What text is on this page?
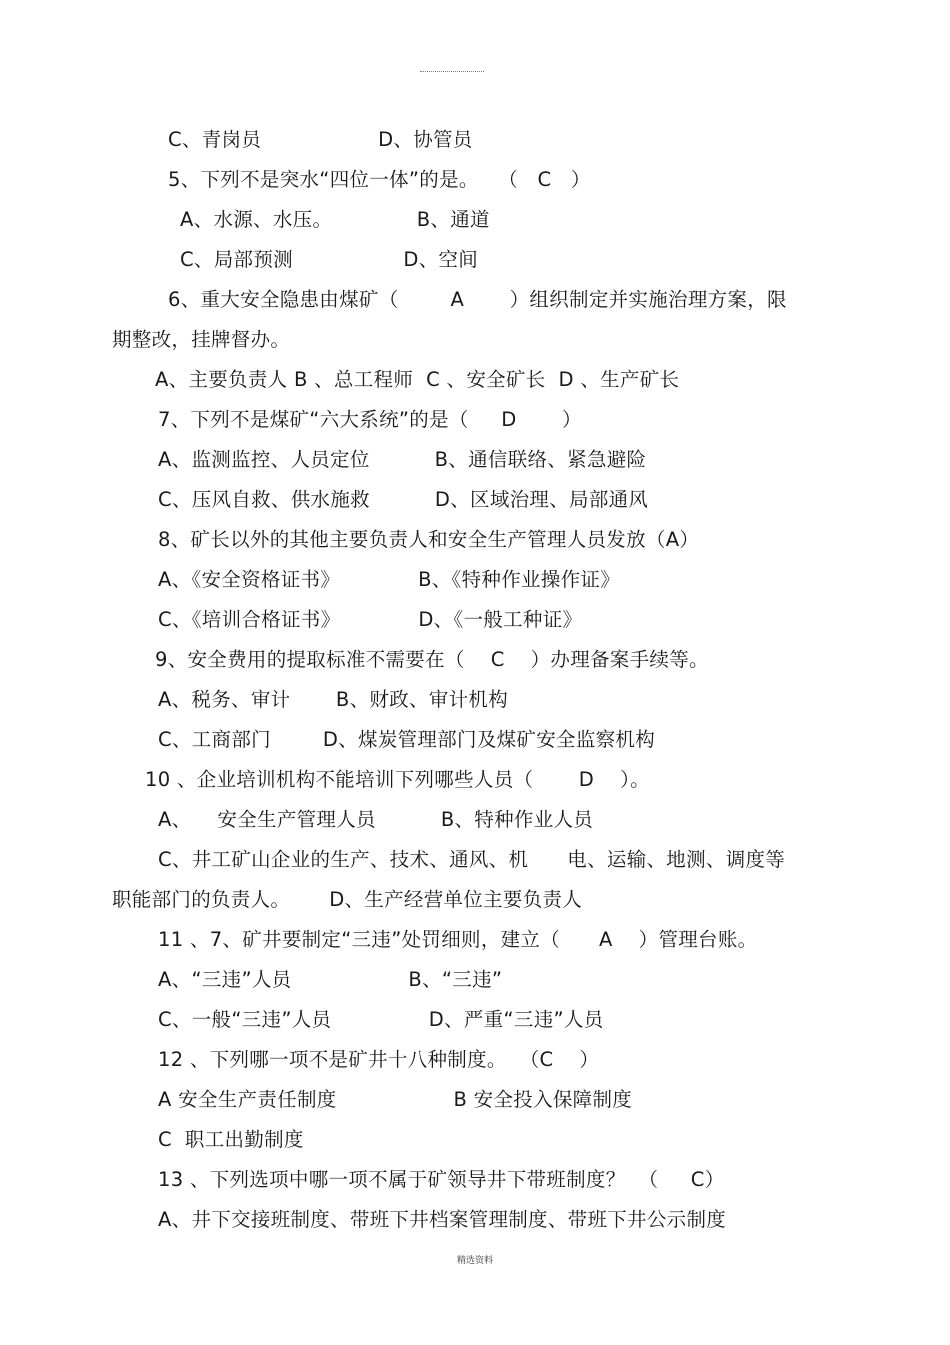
C、青岗员                  D、协管员
5、下列不是突水“四位一体”的是。   （   C   ）
A、水源、水压。             B、通道
C、局部预测                 D、空间
6、重大安全隐患由煤矿（        A       ）组织制定并实施治理方案，限
期整改，挂牌督办。
A、主要负责人 B 、总工程师  C 、安全矿长  D 、生产矿长
7、下列不是煤矿“六大系统”的是（     D       ）
A、监测监控、人员定位          B、通信联络、紧急避险
C、压风自救、供水施救          D、区域治理、局部通风
8、矿长以外的其他主要负责人和安全生产管理人员发放（A）
A、《安全资格证书》            B、《特种作业操作证》
C、《培训合格证书》            D、《一般工种证》
9、安全费用的提取标准不需要在（    C    ）办理备案手续等。
A、税务、审计       B、财政、审计机构
C、工商部门        D、煤炭管理部门及煤矿安全监察机构
10 、企业培训机构不能培训下列哪些人员（       D    ）。
A、    安全生产管理人员          B、特种作业人员
C、井工矿山企业的生产、技术、通风、机      电、运输、地测、调度等
职能部门的负责人。      D、生产经营单位主要负责人
11 、7、矿井要制定“三违”处罚细则，建立（      A    ）管理台账。
A、“三违”人员                  B、“三违”
C、一般“三违”人员               D、严重“三违”人员
12 、下列哪一项不是矿井十八种制度。  （C    ）
A 安全生产责任制度                  B 安全投入保障制度
C  职工出勤制度
13 、下列选项中哪一项不属于矿领导井下带班制度？  （     C）
A、井下交接班制度、带班下井档案管理制度、带班下井公示制度
精选资料
